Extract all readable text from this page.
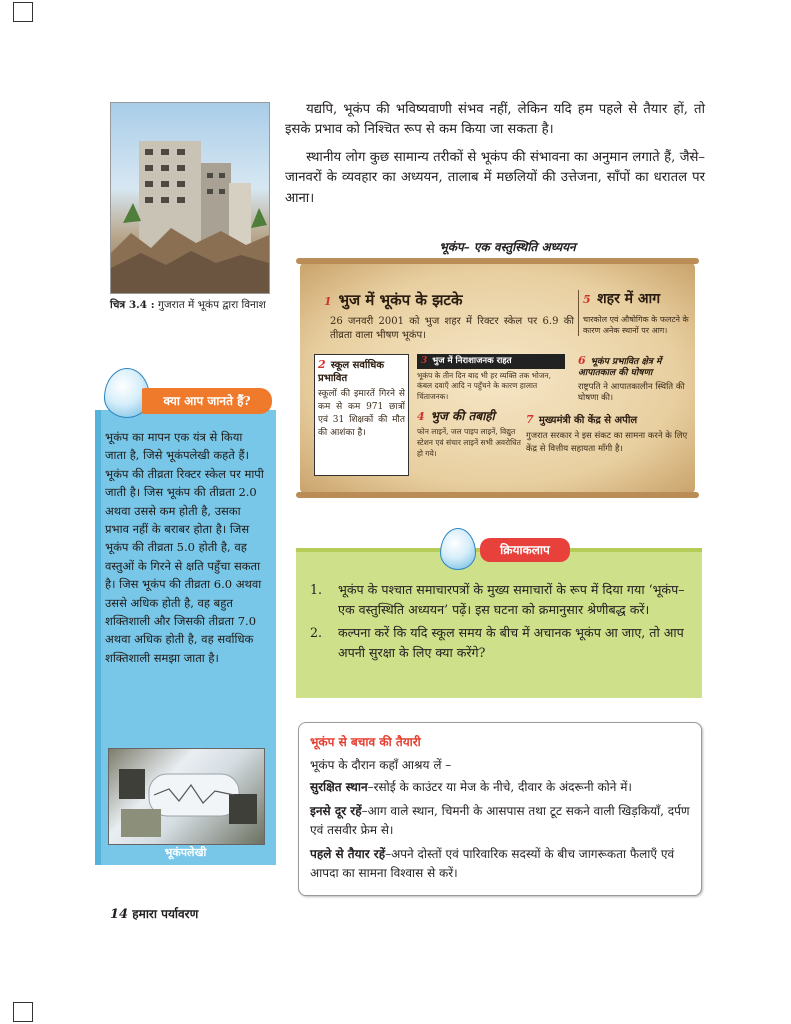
चित्र 3.4 : गुजरात में भूकंप द्वारा विनाश

यद्यपि, भूकंप की भविष्यवाणी संभव नहीं, लेकिन यदि हम पहले से तैयार हों, तो इसके प्रभाव को निश्चित रूप से कम किया जा सकता है।

स्थानीय लोग कुछ सामान्य तरीकों से भूकंप की संभावना का अनुमान लगाते हैं, जैसे–जानवरों के व्यवहार का अध्ययन, तालाब में मछलियों की उत्तेजना, साँपों का धरातल पर आना।

भूकंप– एक वस्तुस्थिति अध्ययन
1 भुज में भूकंप के झटके
26 जनवरी 2001 को भुज शहर में रिक्टर स्केल पर 6.9 की तीव्रता वाला भीषण भूकंप।
5 शहर में आग
चारकोल एवं औषोगिक के फलटने के कारण अनेक स्थानों पर आग।
2 स्कूल सर्वाधिक प्रभावित
स्कूलों की इमारतें गिरने से कम से कम 971 छात्रों एवं 31 शिक्षकों की मौत की आशंका है।
3 भुज में निराशाजनक राहत
भूकंप के तीन दिन बाद भी हर व्यक्ति तक भोजन, कंबल दवाएँ आदि न पहुँचने के कारण हालात चिंताजनक।
6 भूकंप प्रभावित क्षेत्र में आपातकाल की घोषणा
राष्ट्रपति ने आपातकालीन स्थिति की घोषणा की।
4 भुज की तबाही
फोन लाइनें, जल पाइप लाइनें, विद्युत स्टेशन एवं संचार लाइनें सभी अवरोधित हो गये।
7 मुख्यमंत्री की केंद्र से अपील
गुजरात सरकार ने इस संकट का सामना करने के लिए केंद्र से वित्तीय सहायता माँगी है।
क्या आप जानते हैं?
भूकंप का मापन एक यंत्र से किया जाता है, जिसे भूकंपलेखी कहते हैं। भूकंप की तीव्रता रिक्टर स्केल पर मापी जाती है। जिस भूकंप की तीव्रता 2.0 अथवा उससे कम होती है, उसका प्रभाव नहीं के बराबर होता है। जिस भूकंप की तीव्रता 5.0 होती है, वह वस्तुओं के गिरने से क्षति पहुँचा सकता है। जिस भूकंप की तीव्रता 6.0 अथवा उससे अधिक होती है, वह बहुत शक्तिशाली और जिसकी तीव्रता 7.0 अथवा अधिक होती है, वह सर्वाधिक शक्तिशाली समझा जाता है।
भूकंपलेखी
क्रियाकलाप
1.	भूकंप के पश्चात समाचारपत्रों के मुख्य समाचारों के रूप में दिया गया ‘भूकंप–एक वस्तुस्थिति अध्ययन’ पढ़ें। इस घटना को क्रमानुसार श्रेणीबद्ध करें।
2.	कल्पना करें कि यदि स्कूल समय के बीच में अचानक भूकंप आ जाए, तो आप अपनी सुरक्षा के लिए क्या करेंगे?
भूकंप से बचाव की तैयारी
भूकंप के दौरान कहाँ आश्रय लें –
सुरक्षित स्थान–रसोई के काउंटर या मेज के नीचे, दीवार के अंदरूनी कोने में।
इनसे दूर रहें–आग वाले स्थान, चिमनी के आसपास तथा टूट सकने वाली खिड़कियाँ, दर्पण एवं तसवीर फ्रेम से।
पहले से तैयार रहें–अपने दोस्तों एवं पारिवारिक सदस्यों के बीच जागरूकता फैलाएँ एवं आपदा का सामना विश्वास से करें।
14 हमारा पर्यावरण
